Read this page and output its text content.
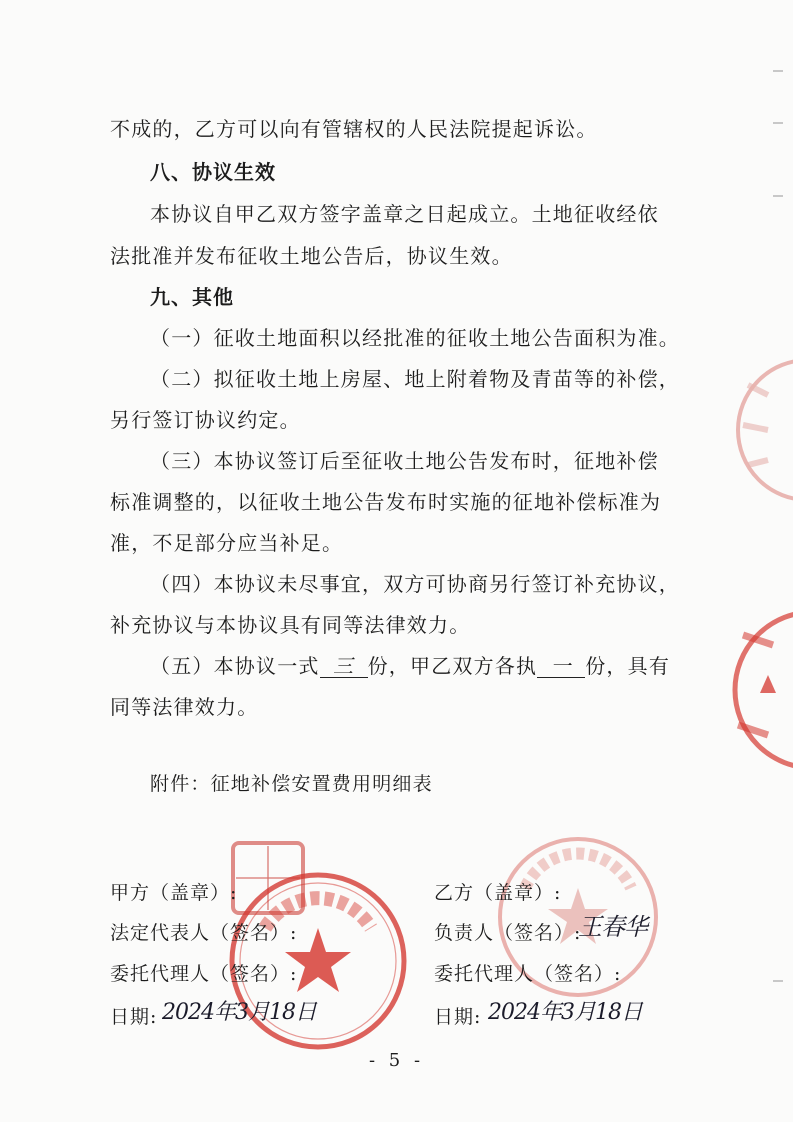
不成的，乙方可以向有管辖权的人民法院提起诉讼。
八、协议生效
本协议自甲乙双方签字盖章之日起成立。土地征收经依
法批准并发布征收土地公告后，协议生效。
九、其他
（一）征收土地面积以经批准的征收土地公告面积为准。
（二）拟征收土地上房屋、地上附着物及青苗等的补偿，
另行签订协议约定。
（三）本协议签订后至征收土地公告发布时，征地补偿
标准调整的，以征收土地公告发布时实施的征地补偿标准为
准，不足部分应当补足。
（四）本协议未尽事宜，双方可协商另行签订补充协议，
补充协议与本协议具有同等法律效力。
（五）本协议一式 三 份，甲乙双方各执 一 份，具有
同等法律效力。
附件：征地补偿安置费用明细表
甲方（盖章）:
法定代表人（签名）:
委托代理人（签名）:
日期: 2024年3月18日
乙方（盖章）:
负责人（签名）:
王春华
委托代理人（签名）:
日期: 2024年3月18日
- 5 -
